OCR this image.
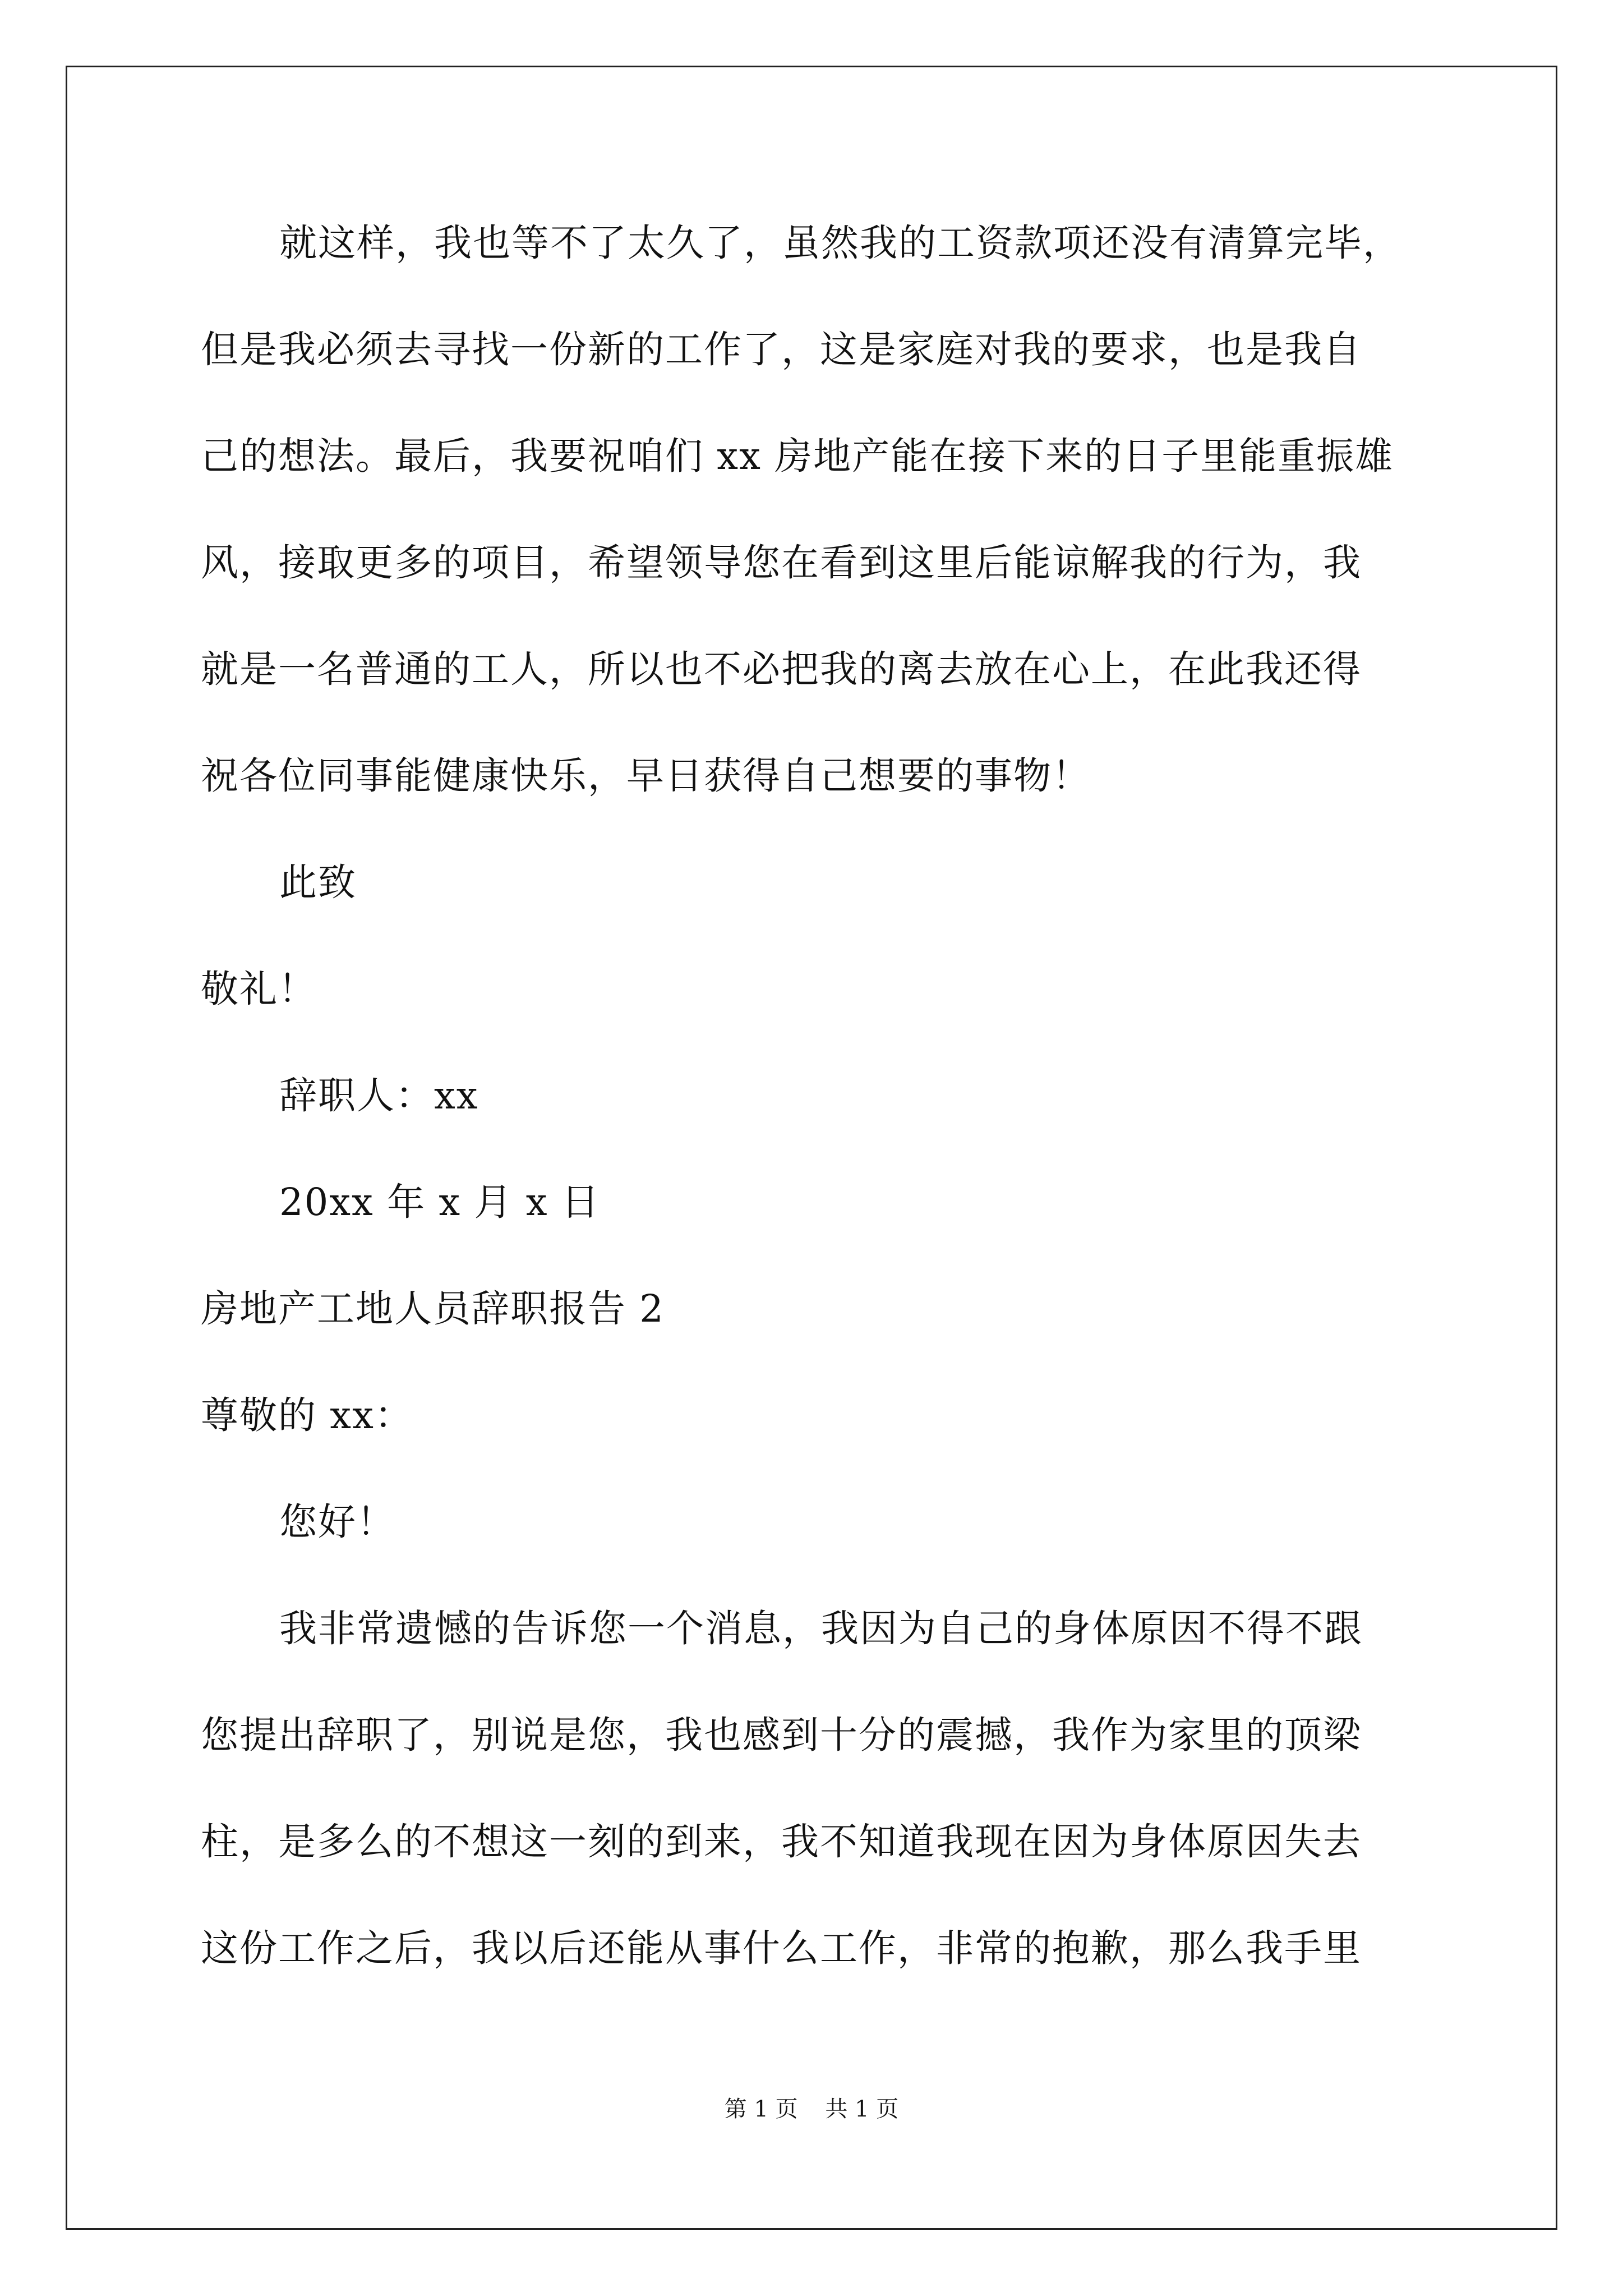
就这样，我也等不了太久了，虽然我的工资款项还没有清算完毕，
但是我必须去寻找一份新的工作了，这是家庭对我的要求，也是我自
己的想法。最后，我要祝咱们 xx 房地产能在接下来的日子里能重振雄
风，接取更多的项目，希望领导您在看到这里后能谅解我的行为，我
就是一名普通的工人，所以也不必把我的离去放在心上，在此我还得
祝各位同事能健康快乐，早日获得自己想要的事物！
此致
敬礼！
辞职人：xx
20xx 年 x 月 x 日
房地产工地人员辞职报告 2
尊敬的 xx：
您好！
我非常遗憾的告诉您一个消息，我因为自己的身体原因不得不跟
您提出辞职了，别说是您，我也感到十分的震撼，我作为家里的顶梁
柱，是多么的不想这一刻的到来，我不知道我现在因为身体原因失去
这份工作之后，我以后还能从事什么工作，非常的抱歉，那么我手里
第 1 页 共 1 页
